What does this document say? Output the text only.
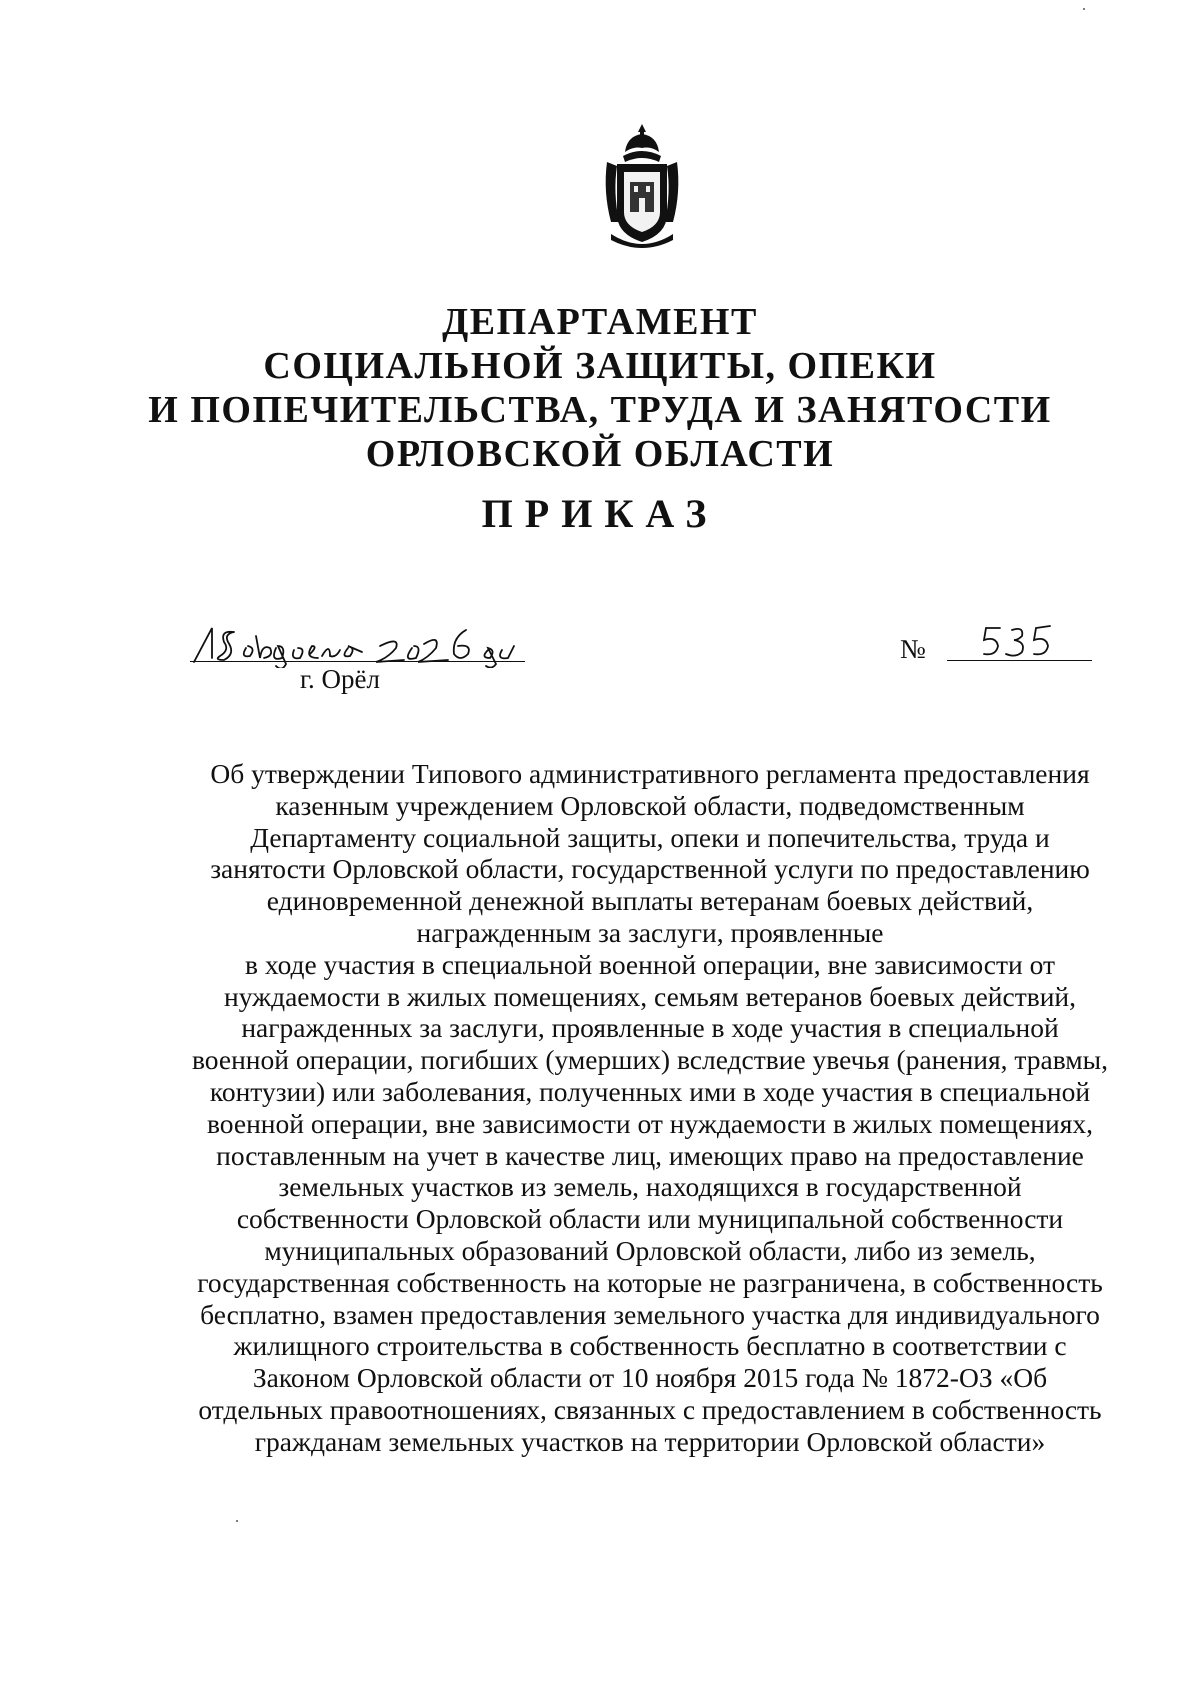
ДЕПАРТАМЕНТ
СОЦИАЛЬНОЙ ЗАЩИТЫ, ОПЕКИ
И ПОПЕЧИТЕЛЬСТВА, ТРУДА И ЗАНЯТОСТИ
ОРЛОВСКОЙ ОБЛАСТИ
ПРИКАЗ
г. Орёл
№
Об утверждении Типового административного регламента предоставления
казенным учреждением Орловской области, подведомственным
Департаменту социальной защиты, опеки и попечительства, труда и
занятости Орловской области, государственной услуги по предоставлению
единовременной денежной выплаты ветеранам боевых действий,
награжденным за заслуги, проявленные
в ходе участия в специальной военной операции, вне зависимости от
нуждаемости в жилых помещениях, семьям ветеранов боевых действий,
награжденных за заслуги, проявленные в ходе участия в специальной
военной операции, погибших (умерших) вследствие увечья (ранения, травмы,
контузии) или заболевания, полученных ими в ходе участия в специальной
военной операции, вне зависимости от нуждаемости в жилых помещениях,
поставленным на учет в качестве лиц, имеющих право на предоставление
земельных участков из земель, находящихся в государственной
собственности Орловской области или муниципальной собственности
муниципальных образований Орловской области, либо из земель,
государственная собственность на которые не разграничена, в собственность
бесплатно, взамен предоставления земельного участка для индивидуального
жилищного строительства в собственность бесплатно в соответствии с
Законом Орловской области от 10 ноября 2015 года № 1872-ОЗ «Об
отдельных правоотношениях, связанных с предоставлением в собственность
гражданам земельных участков на территории Орловской области»
